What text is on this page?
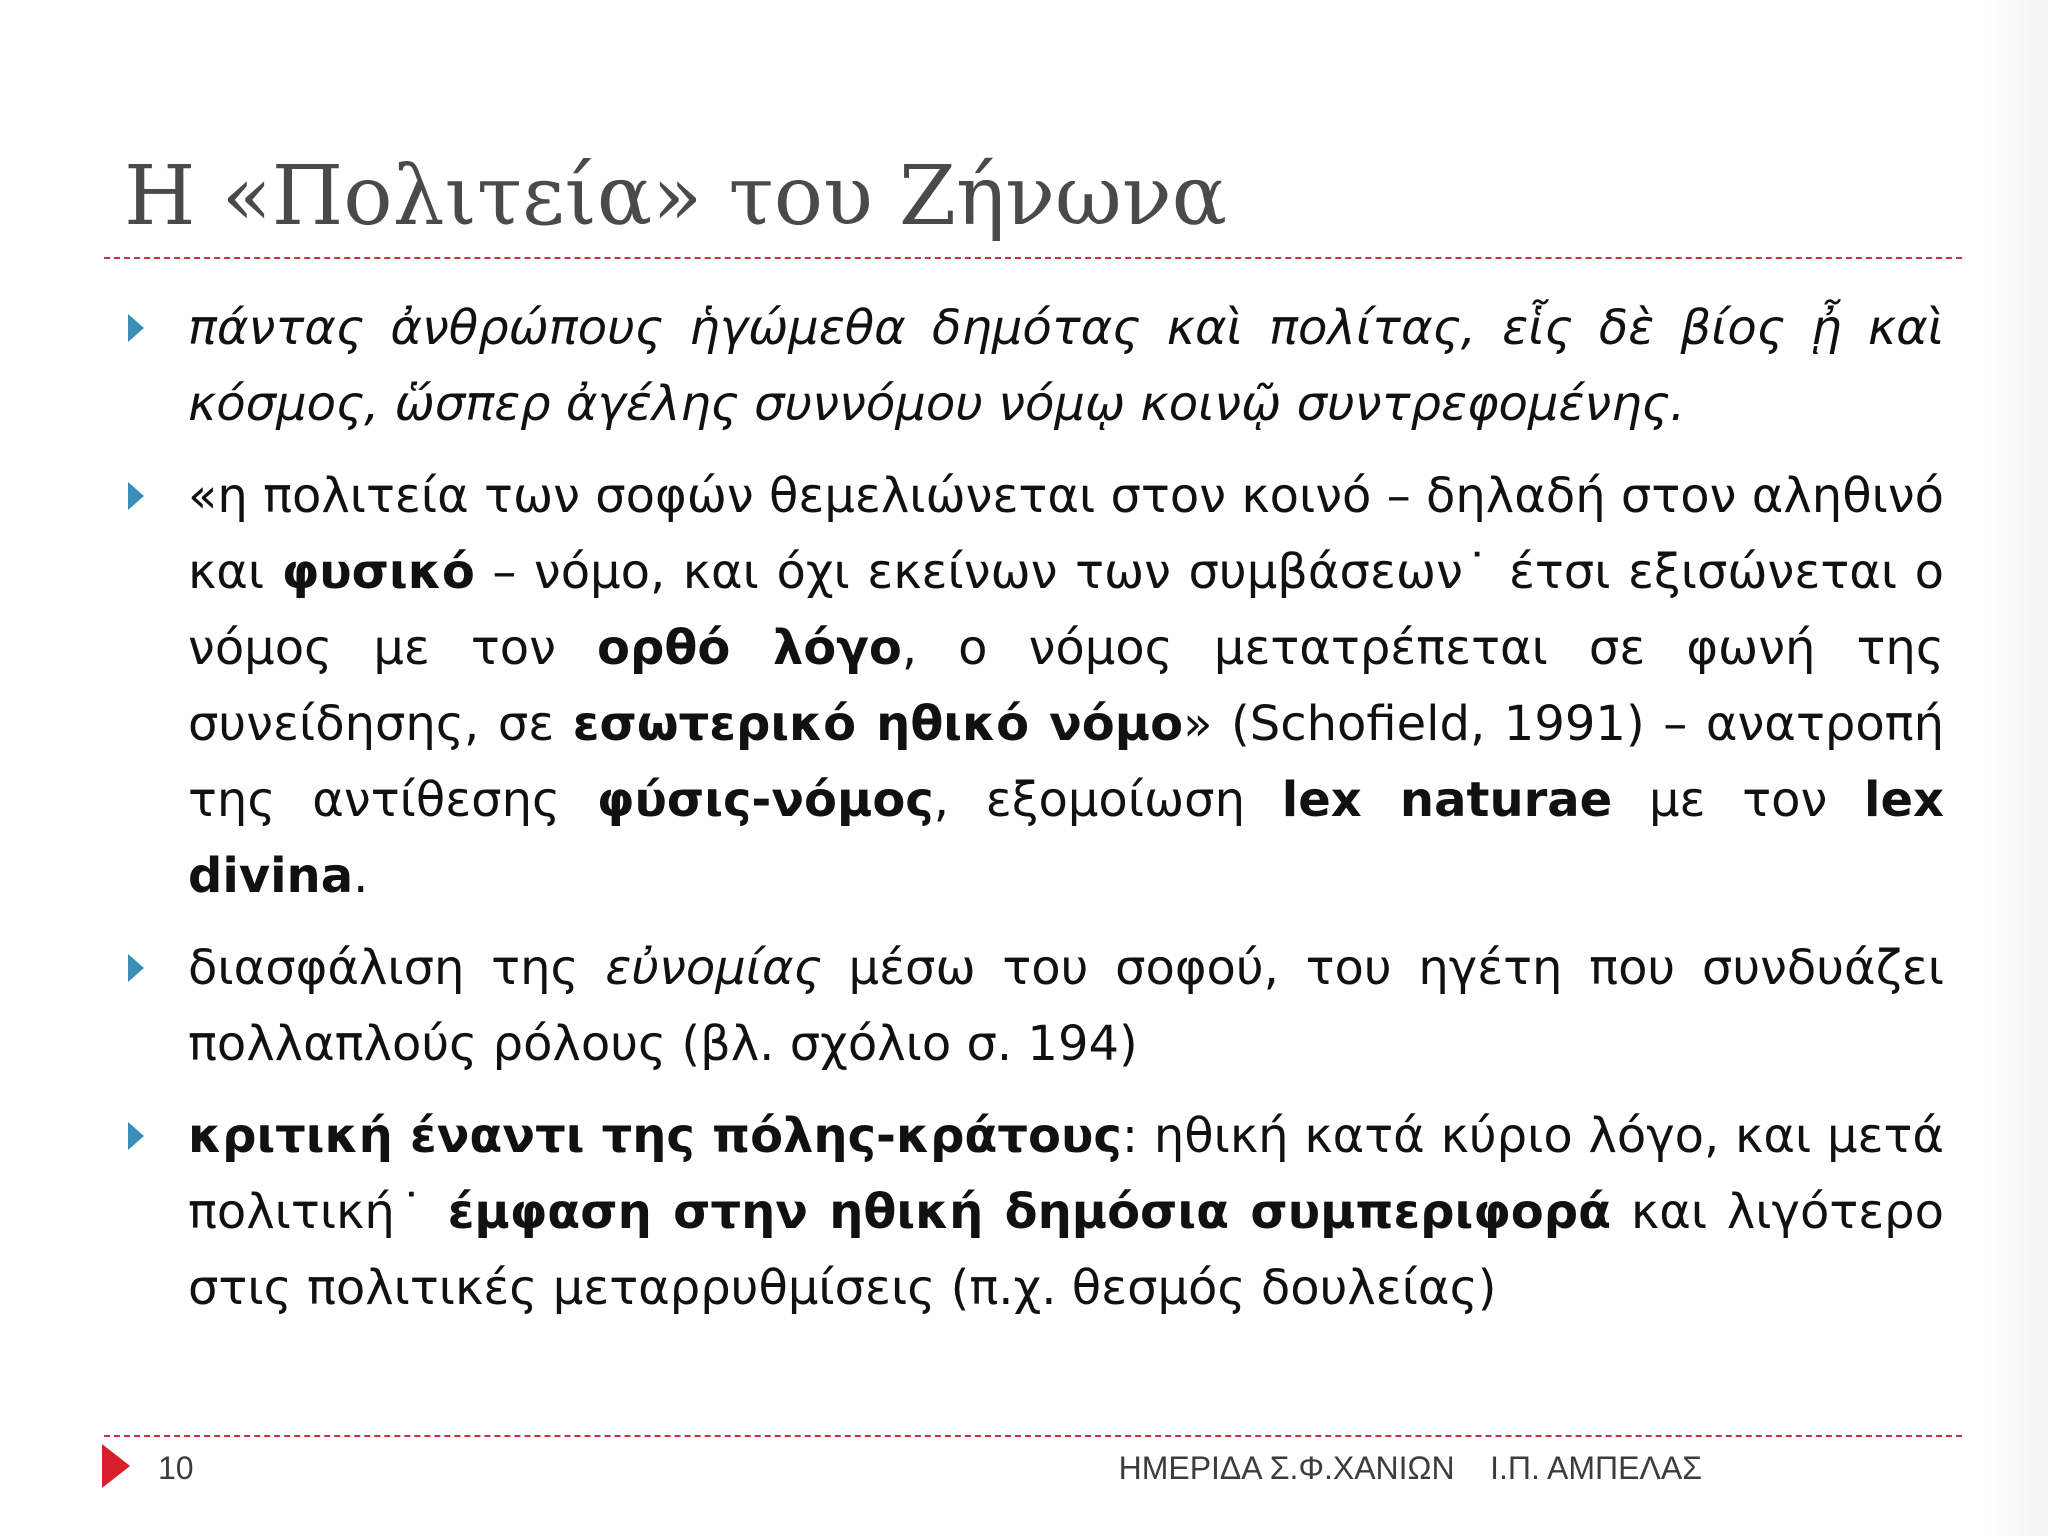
Η «Πολιτεία» του Ζήνωνα
πάντας ἀνθρώπους ἡγώμεθα δημότας καὶ πολίτας, εἷς δὲ βίος ᾖ καὶ κόσμος, ὥσπερ ἀγέλης συννόμου νόμῳ κοινῷ συντρεφομένης.
«η πολιτεία των σοφών θεμελιώνεται στον κοινό – δηλαδή στον αληθινό και φυσικό – νόμο, και όχι εκείνων των συμβάσεων˙ έτσι εξισώνεται ο νόμος με τον ορθό λόγο, ο νόμος μετατρέπεται σε φωνή της συνείδησης, σε εσωτερικό ηθικό νόμο» (Schofield, 1991) – ανατροπή της αντίθεσης φύσις-νόμος, εξομοίωση lex naturae με τον lex divina.
διασφάλιση της εὐνομίας μέσω του σοφού, του ηγέτη που συνδυάζει πολλαπλούς ρόλους (βλ. σχόλιο σ. 194)
κριτική έναντι της πόλης-κράτους: ηθική κατά κύριο λόγο, και μετά πολιτική˙ έμφαση στην ηθική δημόσια συμπεριφορά και λιγότερο στις πολιτικές μεταρρυθμίσεις (π.χ. θεσμός δουλείας)
10	ΗΜΕΡΙΔΑ Σ.Φ.ΧΑΝΙΩΝ Ι.Π. ΑΜΠΕΛΑΣ
